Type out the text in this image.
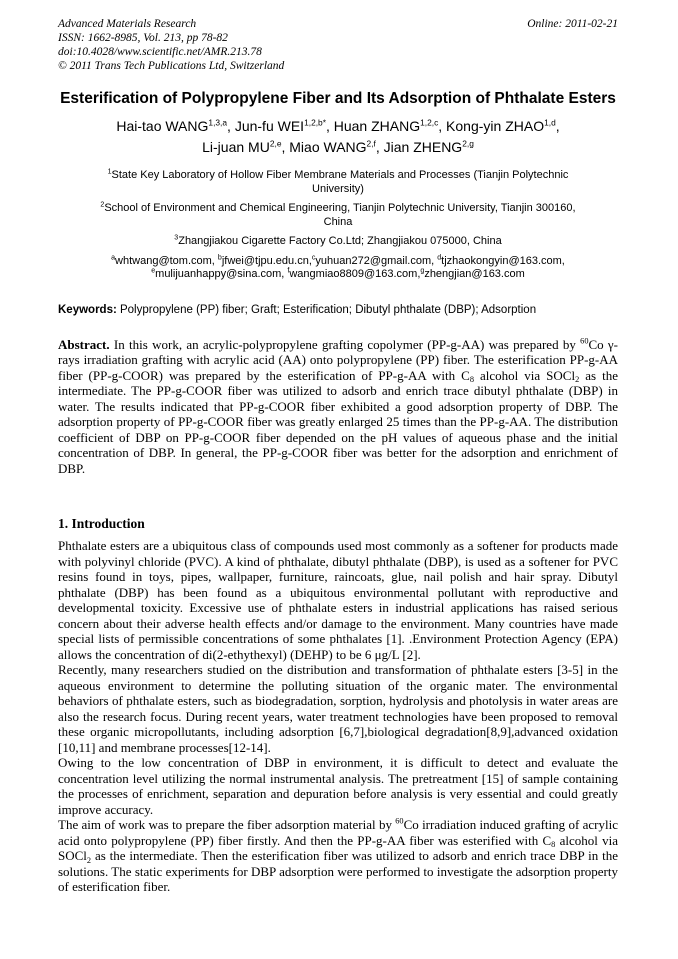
Advanced Materials Research	Online: 2011-02-21
ISSN: 1662-8985, Vol. 213, pp 78-82
doi:10.4028/www.scientific.net/AMR.213.78
© 2011 Trans Tech Publications Ltd, Switzerland
Esterification of Polypropylene Fiber and Its Adsorption of Phthalate Esters
Hai-tao WANG$^{1,3,a}$, Jun-fu $WEI^{1,2,b*}$, Huan ZHANG$^{1,2,c}$, Kong-yin ZHAO$^{1,d}$,
Li-juan MU$^{2,e}$, Miao WANG$^{2,f}$, Jian ZHENG$^{2,g}$
$^1$State Key Laboratory of Hollow Fiber Membrane Materials and Processes (Tianjin Polytechnic
University)
$^2$School of Environment and Chemical Engineering, Tianjin Polytechnic University, Tianjin 300160,
China
$^3$Zhangjiakou Cigarette Factory Co.Ltd; Zhangjiakou 075000, China
$^a$whtwang@tom.com, $^b$jfwei@tjpu.edu.cn,$^c$yuhuan272@gmail.com, $^d$tjzhaokongyin@163.com,
$^e$mulijuanhappy@sina.com, $^f$wangmiao8809@163.com,$^g$zhengjian@163.com

Keywords: Polypropylene (PP) fiber; Graft; Esterification; Dibutyl phthalate (DBP); Adsorption

Abstract. In this work, an acrylic-polypropylene grafting copolymer (PP-g-AA) was prepared by $^{60}$Co γ-rays irradiation grafting with acrylic acid (AA) onto polypropylene (PP) fiber. The esterification PP-g-AA fiber (PP-g-COOR) was prepared by the esterification of PP-g-AA with $C_8$ alcohol via SOCl$_2$ as the intermediate. The PP-g-COOR fiber was utilized to adsorb and enrich trace dibutyl phthalate (DBP) in water. The results indicated that PP-g-COOR fiber exhibited a good adsorption property of DBP. The adsorption property of PP-g-COOR fiber was greatly enlarged 25 times than the PP-g-AA. The distribution coefficient of DBP on PP-g-COOR fiber depended on the pH values of aqueous phase and the initial concentration of DBP. In general, the PP-g-COOR fiber was better for the adsorption and enrichment of DBP.

1. Introduction

Phthalate esters are a ubiquitous class of compounds used most commonly as a softener for products made with polyvinyl chloride (PVC). A kind of phthalate, dibutyl phthalate (DBP), is used as a softener for PVC resins found in toys, pipes, wallpaper, furniture, raincoats, glue, nail polish and hair spray. Dibutyl phthalate (DBP) has been found as a ubiquitous environmental pollutant with reproductive and developmental toxicity. Excessive use of phthalate esters in industrial applications has raised serious concern about their adverse health effects and/or damage to the environment. Many countries have made special lists of permissible concentrations of some phthalates [1]. .Environment Protection Agency (EPA) allows the concentration of di(2-ethythexyl) (DEHP) to be 6 μg/L [2].

Recently, many researchers studied on the distribution and transformation of phthalate esters [3-5] in the aqueous environment to determine the polluting situation of the organic mater. The environmental behaviors of phthalate esters, such as biodegradation, sorption, hydrolysis and photolysis in water areas are also the research focus. During recent years, water treatment technologies have been proposed to removal these organic micropollutants, including adsorption [6,7],biological degradation[8,9],advanced oxidation [10,11] and membrane processes[12-14].

Owing to the low concentration of DBP in environment, it is difficult to detect and evaluate the concentration level utilizing the normal instrumental analysis. The pretreatment [15] of sample containing the processes of enrichment, separation and depuration before analysis is very essential and could greatly improve accuracy.

The aim of work was to prepare the fiber adsorption material by $^{60}$Co irradiation induced grafting of acrylic acid onto polypropylene (PP) fiber firstly. And then the PP-g-AA fiber was esterified with $C_8$ alcohol via SOCl$_2$ as the intermediate. Then the esterification fiber was utilized to adsorb and enrich trace DBP in the solutions. The static experiments for DBP adsorption were performed to investigate the adsorption property of esterification fiber.
